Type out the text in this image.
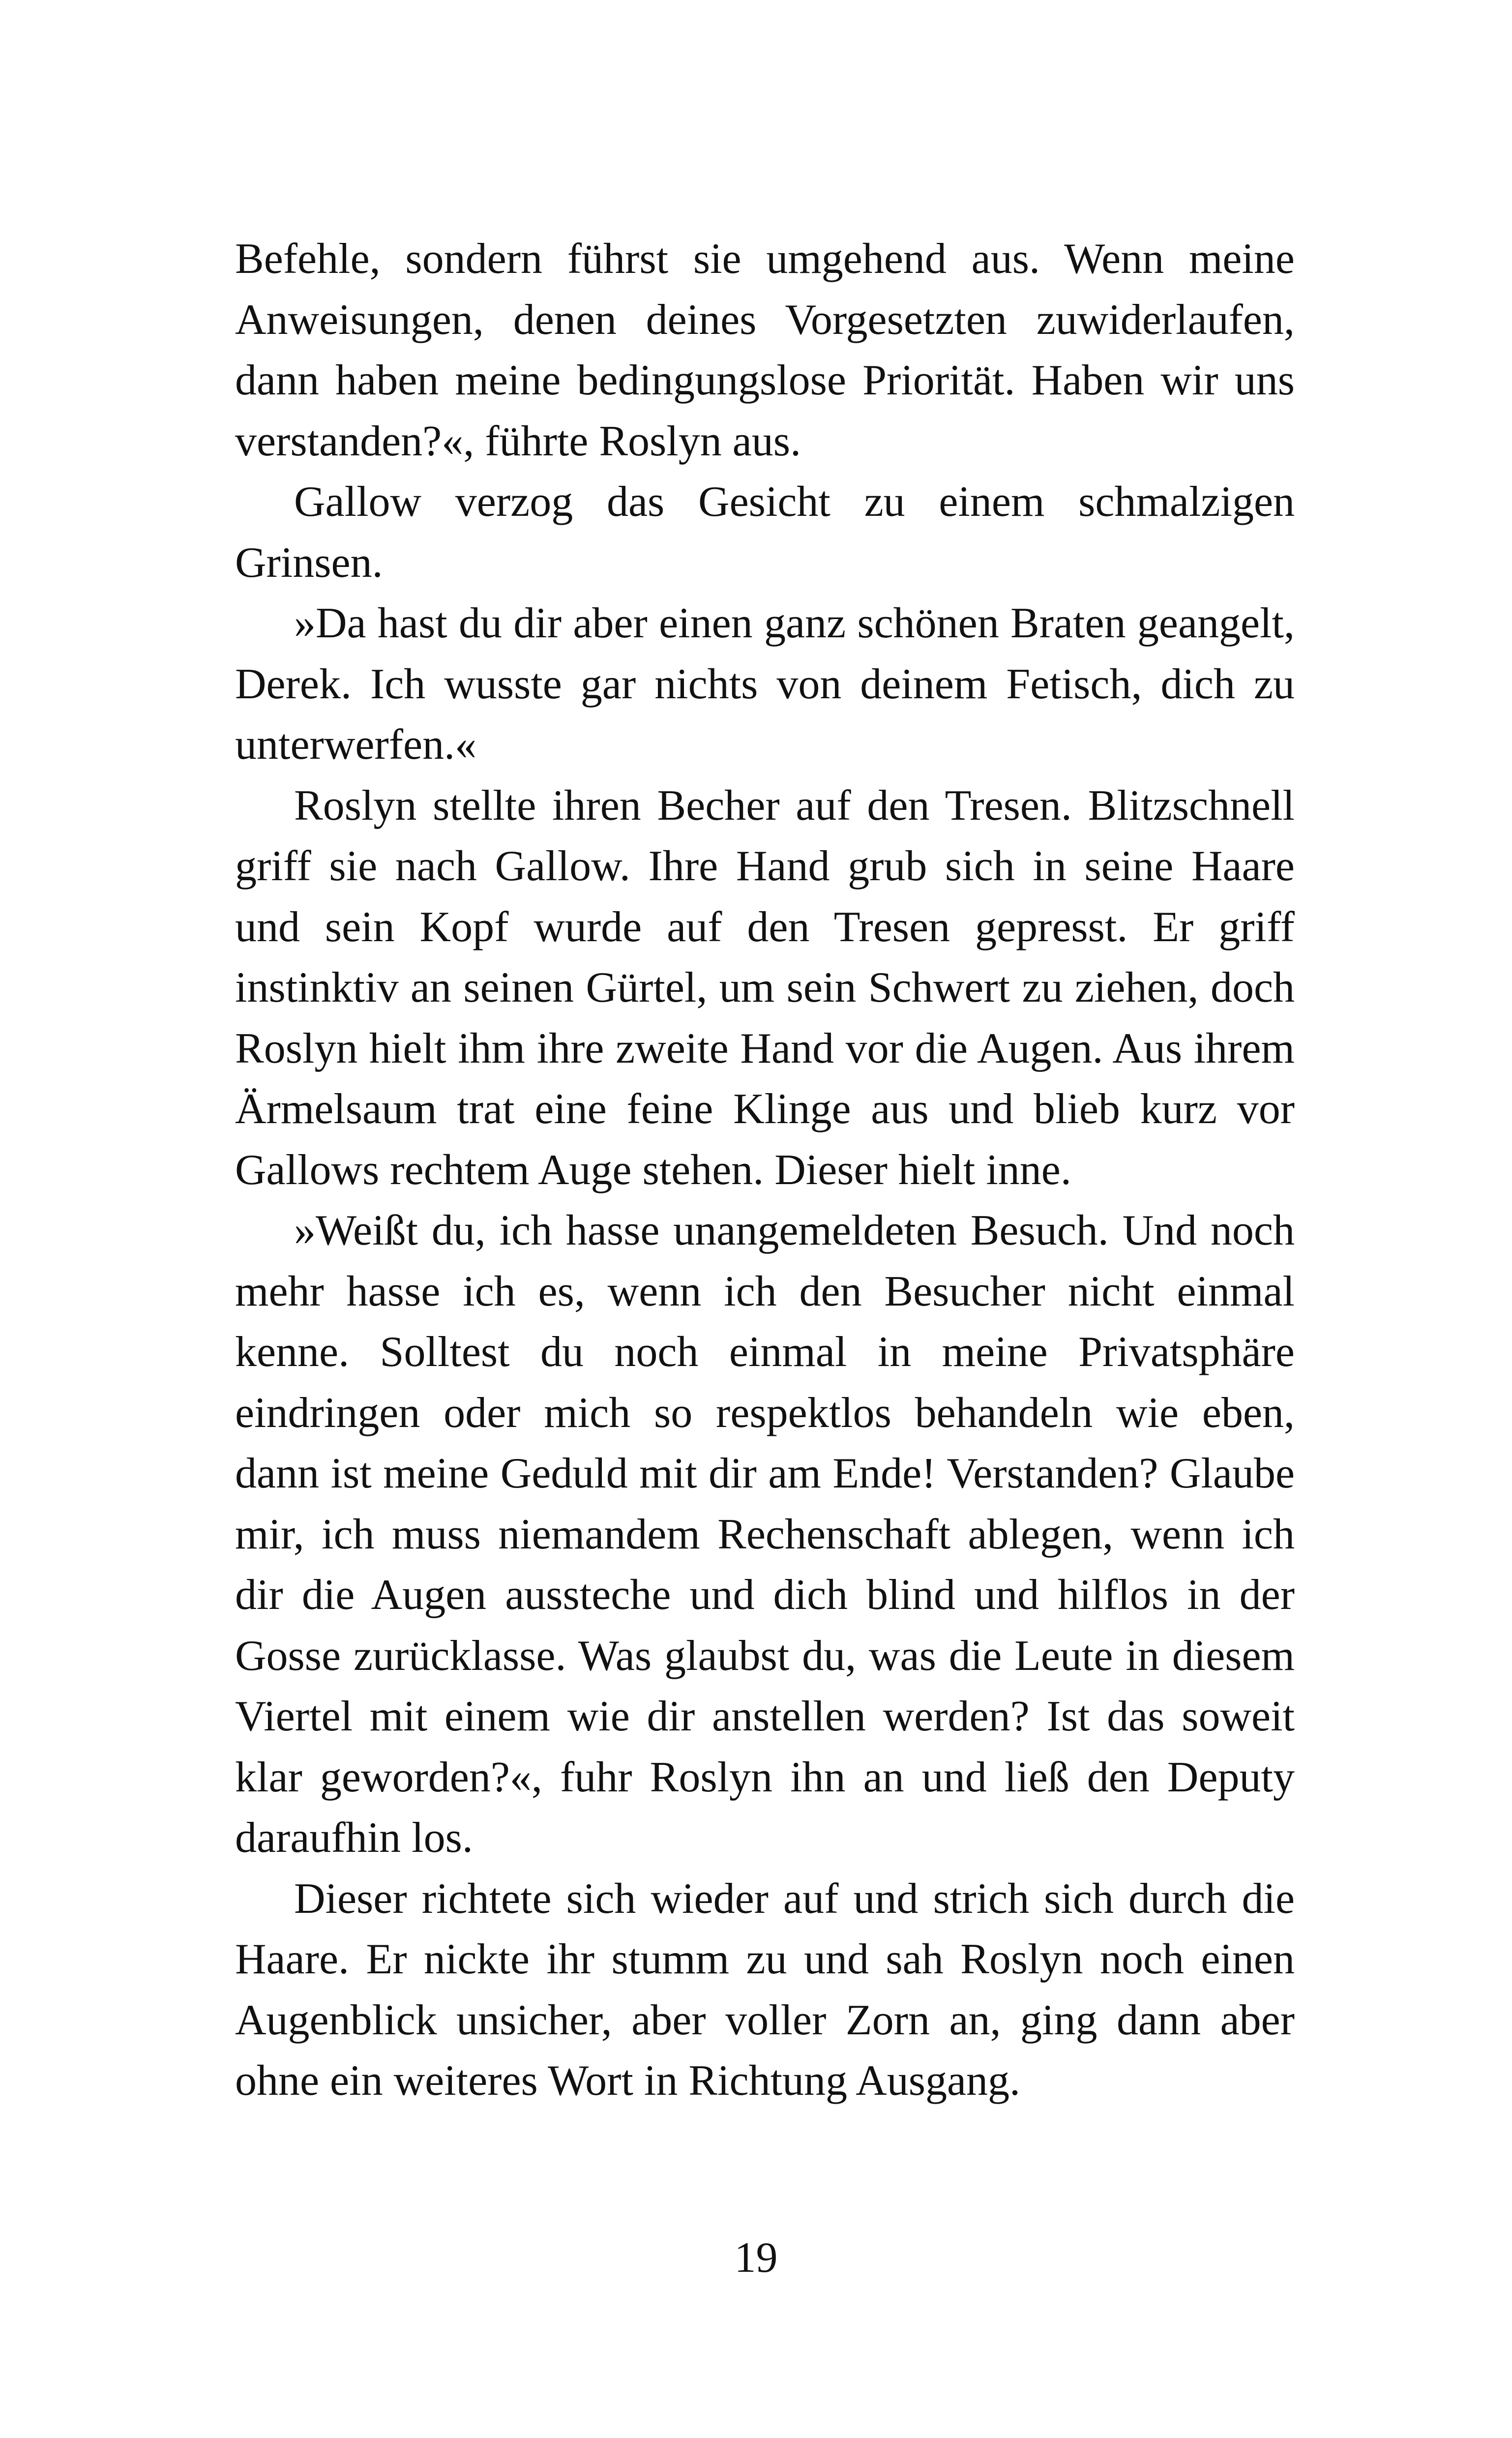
Befehle, sondern führst sie umgehend aus. Wenn meine Anweisungen, denen deines Vorgesetzten zuwiderlaufen, dann haben meine bedingungslose Priorität. Haben wir uns verstanden?«, führte Roslyn aus.

Gallow verzog das Gesicht zu einem schmalzigen Grinsen.

»Da hast du dir aber einen ganz schönen Braten geangelt, Derek. Ich wusste gar nichts von deinem Fetisch, dich zu unterwerfen.«

Roslyn stellte ihren Becher auf den Tresen. Blitzschnell griff sie nach Gallow. Ihre Hand grub sich in seine Haare und sein Kopf wurde auf den Tresen gepresst. Er griff instinktiv an seinen Gürtel, um sein Schwert zu ziehen, doch Roslyn hielt ihm ihre zweite Hand vor die Augen. Aus ihrem Ärmelsaum trat eine feine Klinge aus und blieb kurz vor Gallows rechtem Auge stehen. Dieser hielt inne.

»Weißt du, ich hasse unangemeldeten Besuch. Und noch mehr hasse ich es, wenn ich den Besucher nicht einmal kenne. Solltest du noch einmal in meine Privatsphäre eindringen oder mich so respektlos behandeln wie eben, dann ist meine Geduld mit dir am Ende! Verstanden? Glaube mir, ich muss niemandem Rechenschaft ablegen, wenn ich dir die Augen aussteche und dich blind und hilflos in der Gosse zurücklasse. Was glaubst du, was die Leute in diesem Viertel mit einem wie dir anstellen werden? Ist das soweit klar geworden?«, fuhr Roslyn ihn an und ließ den Deputy daraufhin los.

Dieser richtete sich wieder auf und strich sich durch die Haare. Er nickte ihr stumm zu und sah Roslyn noch einen Augenblick unsicher, aber voller Zorn an, ging dann aber ohne ein weiteres Wort in Richtung Ausgang.

19
